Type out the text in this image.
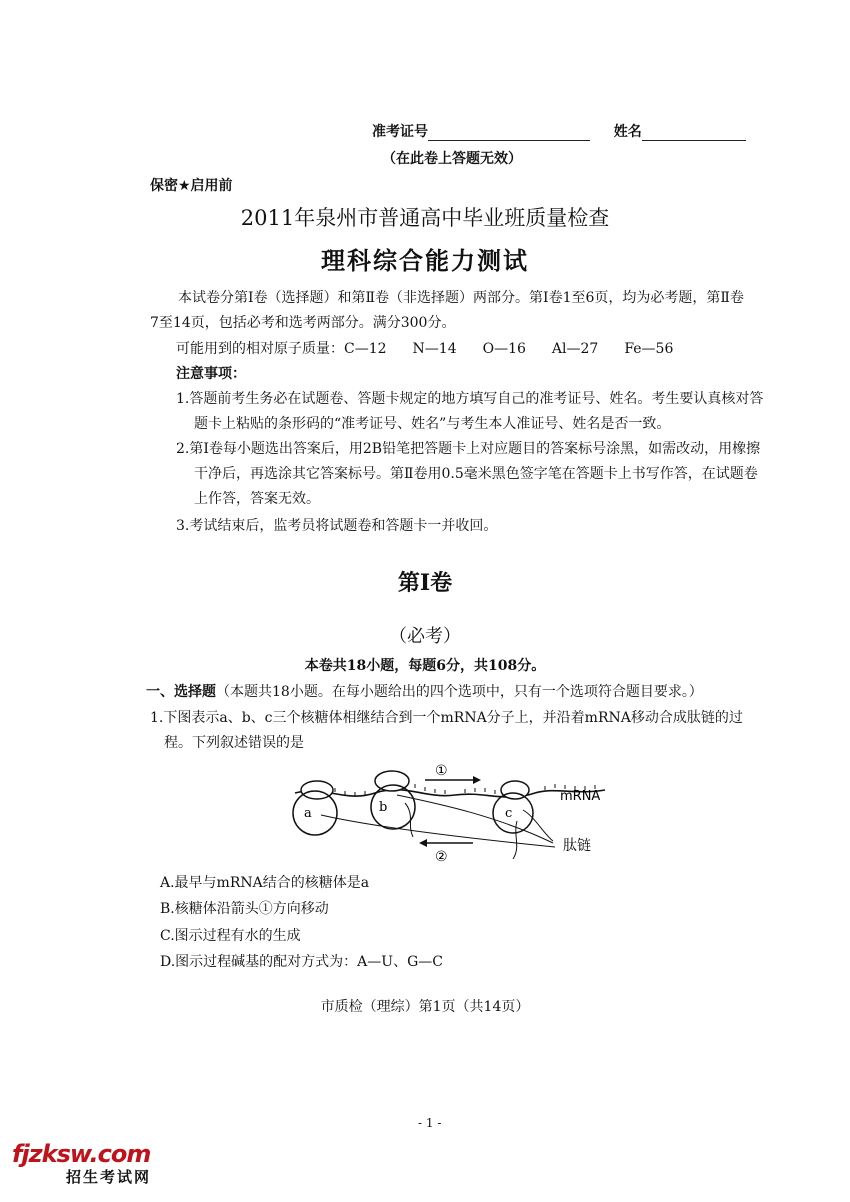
准考证号	姓名
（在此卷上答题无效）
保密★启用前
2011年泉州市普通高中毕业班质量检查
理科综合能力测试
本试卷分第Ⅰ卷（选择题）和第Ⅱ卷（非选择题）两部分。第Ⅰ卷1至6页，均为必考题，第Ⅱ卷7至14页，包括必考和选考两部分。满分300分。
可能用到的相对原子质量：C—12 N—14 O—16 Al—27 Fe—56
注意事项：
1.答题前考生务必在试题卷、答题卡规定的地方填写自己的准考证号、姓名。考生要认真核对答题卡上粘贴的条形码的“准考证号、姓名”与考生本人准证号、姓名是否一致。
2.第Ⅰ卷每小题选出答案后，用2B铅笔把答题卡上对应题目的答案标号涂黑，如需改动，用橡擦干净后，再选涂其它答案标号。第Ⅱ卷用0.5毫米黑色签字笔在答题卡上书写作答，在试题卷上作答，答案无效。
3.考试结束后，监考员将试题卷和答题卡一并收回。
第Ⅰ卷
（必考）
本卷共18小题，每题6分，共108分。
一、选择题（本题共18小题。在每小题给出的四个选项中，只有一个选项符合题目要求。）
1.下图表示a、b、c三个核糖体相继结合到一个mRNA分子上，并沿着mRNA移动合成肽链的过程。下列叙述错误的是
a	b	c
①
②
mRNA
肽链
A.最早与mRNA结合的核糖体是a
B.核糖体沿箭头①方向移动
C.图示过程有水的生成
D.图示过程碱基的配对方式为：A—U、G—C
市质检（理综）第1页（共14页）
- 1 -
fjzksw.com
招生考试网
